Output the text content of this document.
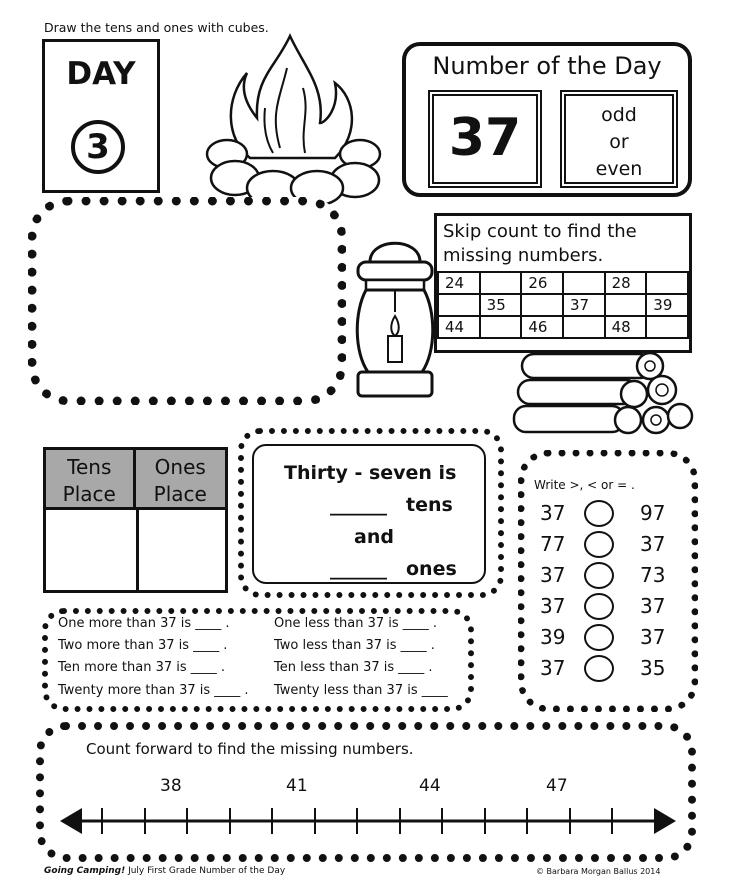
DAY
3
Number of the Day
37	odd
or
even
Draw the tens and ones with cubes.
Skip count to find the missing numbers.
24		26		28	
	35		37		39
44		46		48	
Tens
Place
Ones
Place
Thirty - seven is
______ tens
and
______ ones
Write >, < or = .
37	97
77	37
37	73
37	37
39	37
37	35
One more than 37 is ____ .
Two more than 37 is ____ .
Ten more than 37 is ____ .
Twenty more than 37 is ____ .
One less than 37 is ____ .
Two less than 37 is ____ .
Ten less than 37 is ____ .
Twenty less than 37 is ____
Count forward to find the missing numbers.
38	41	44	47
Going Camping! July First Grade Number of the Day	© Barbara Morgan Ballus 2014
